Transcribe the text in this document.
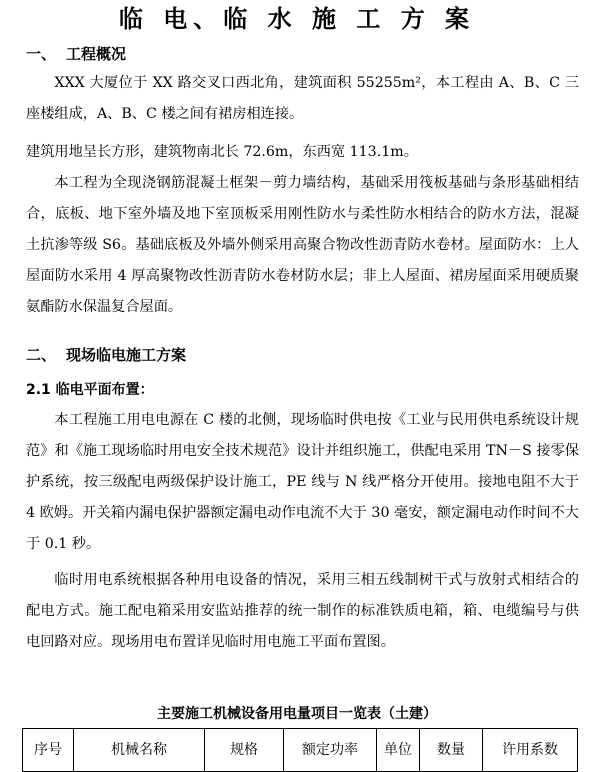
临 电、临 水 施 工 方 案
一、 工程概况

XXX 大厦位于 XX 路交叉口西北角，建筑面积 55255m²，本工程由 A、B、C 三座楼组成，A、B、C 楼之间有裙房相连接。

建筑用地呈长方形，建筑物南北长 72.6m，东西宽 113.1m。

本工程为全现浇钢筋混凝土框架－剪力墙结构，基础采用筏板基础与条形基础相结合，底板、地下室外墙及地下室顶板采用刚性防水与柔性防水相结合的防水方法，混凝土抗渗等级 S6。基础底板及外墙外侧采用高聚合物改性沥青防水卷材。屋面防水：上人屋面防水采用 4 厚高聚物改性沥青防水卷材防水层；非上人屋面、裙房屋面采用硬质聚氨酯防水保温复合屋面。

二、 现场临电施工方案
2.1 临电平面布置：

本工程施工用电电源在 C 楼的北侧，现场临时供电按《工业与民用供电系统设计规范》和《施工现场临时用电安全技术规范》设计并组织施工，供配电采用 TN－S 接零保护系统，按三级配电两级保护设计施工，PE 线与 N 线严格分开使用。接地电阻不大于 4 欧姆。开关箱内漏电保护器额定漏电动作电流不大于 30 毫安，额定漏电动作时间不大于 0.1 秒。

临时用电系统根据各种用电设备的情况，采用三相五线制树干式与放射式相结合的配电方式。施工配电箱采用安监站推荐的统一制作的标准铁质电箱，箱、电缆编号与供电回路对应。现场用电布置详见临时用电施工平面布置图。

主要施工机械设备用电量项目一览表（土建）
序号	机械名称	规格	额定功率	单位	数量	许用系数
